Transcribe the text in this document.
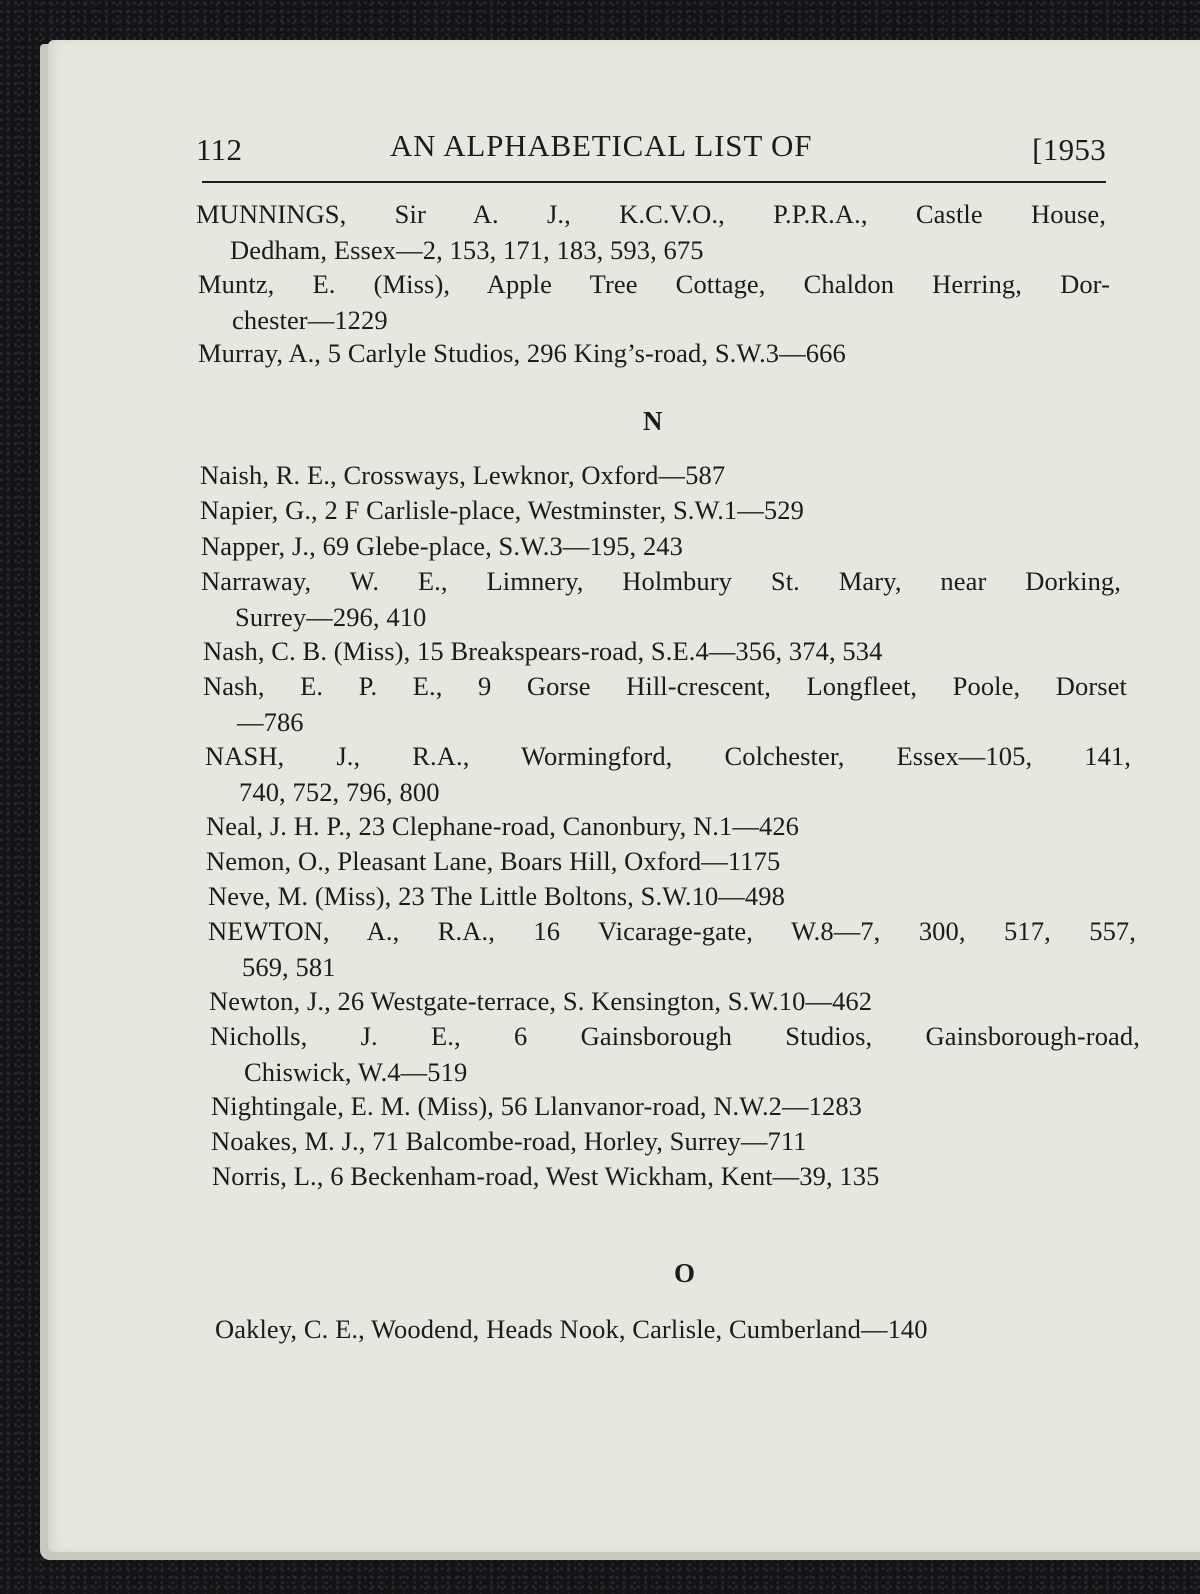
112	AN ALPHABETICAL LIST OF	[1953
MUNNINGS, Sir A. J., K.C.V.O., P.P.R.A., Castle House,
Dedham, Essex—2, 153, 171, 183, 593, 675
Muntz, E. (Miss), Apple Tree Cottage, Chaldon Herring, Dor-
chester—1229
Murray, A., 5 Carlyle Studios, 296 King’s-road, S.W.3—666
N
Naish, R. E., Crossways, Lewknor, Oxford—587
Napier, G., 2 F Carlisle-place, Westminster, S.W.1—529
Napper, J., 69 Glebe-place, S.W.3—195, 243
Narraway, W. E., Limnery, Holmbury St. Mary, near Dorking,
Surrey—296, 410
Nash, C. B. (Miss), 15 Breakspears-road, S.E.4—356, 374, 534
Nash, E. P. E., 9 Gorse Hill-crescent, Longfleet, Poole, Dorset
—786
NASH, J., R.A., Wormingford, Colchester, Essex—105, 141,
740, 752, 796, 800
Neal, J. H. P., 23 Clephane-road, Canonbury, N.1—426
Nemon, O., Pleasant Lane, Boars Hill, Oxford—1175
Neve, M. (Miss), 23 The Little Boltons, S.W.10—498
NEWTON, A., R.A., 16 Vicarage-gate, W.8—7, 300, 517, 557,
569, 581
Newton, J., 26 Westgate-terrace, S. Kensington, S.W.10—462
Nicholls, J. E., 6 Gainsborough Studios, Gainsborough-road,
Chiswick, W.4—519
Nightingale, E. M. (Miss), 56 Llanvanor-road, N.W.2—1283
Noakes, M. J., 71 Balcombe-road, Horley, Surrey—711
Norris, L., 6 Beckenham-road, West Wickham, Kent—39, 135
O
Oakley, C. E., Woodend, Heads Nook, Carlisle, Cumberland—140
